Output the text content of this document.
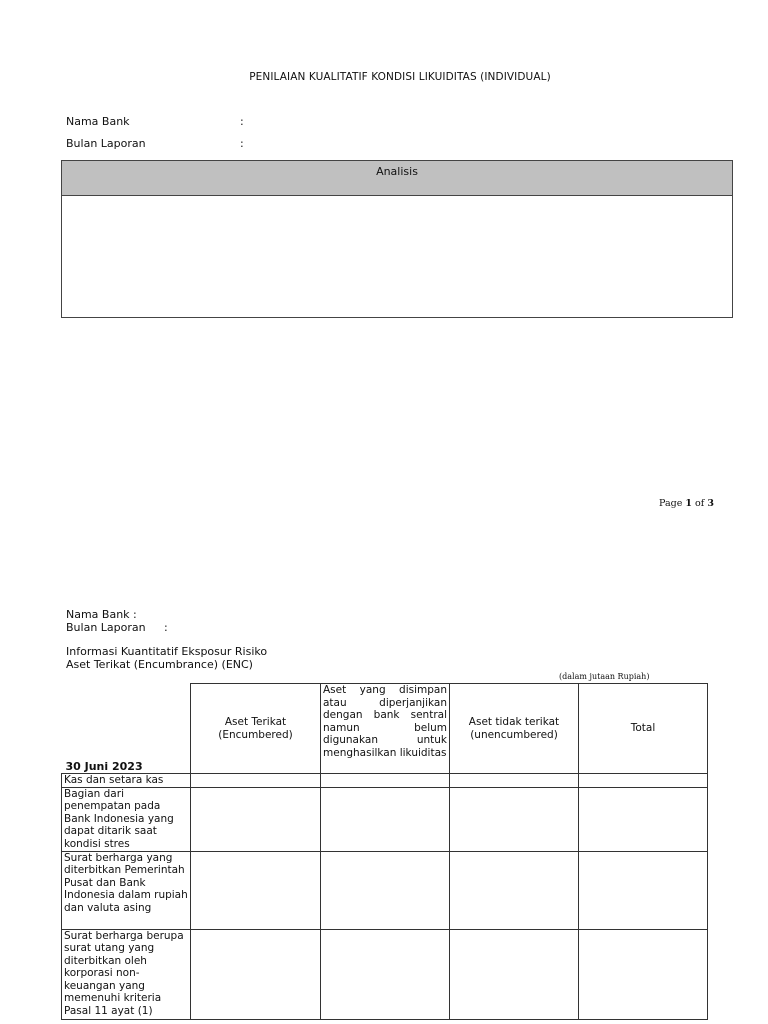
PENILAIAN KUALITATIF KONDISI LIKUIDITAS (INDIVIDUAL)
Nama Bank	:
Bulan Laporan	:
Analisis
Page 1 of 3
Nama Bank :
Bulan Laporan :
Informasi Kuantitatif Eksposur Risiko
Aset Terikat (Encumbrance) (ENC)
(dalam jutaan Rupiah)
30 Juni 2023	Aset Terikat (Encumbered)	Aset yang disimpan atau diperjanjikan dengan bank sentral namun belum digunakan untuk menghasilkan likuiditas	Aset tidak terikat (unencumbered)	Total
Kas dan setara kas				
Bagian dari penempatan pada Bank Indonesia yang dapat ditarik saat kondisi stres				
Surat berharga yang diterbitkan Pemerintah Pusat dan Bank Indonesia dalam rupiah dan valuta asing				
Surat berharga berupa surat utang yang diterbitkan oleh korporasi non-keuangan yang memenuhi kriteria Pasal 11 ayat (1)				
